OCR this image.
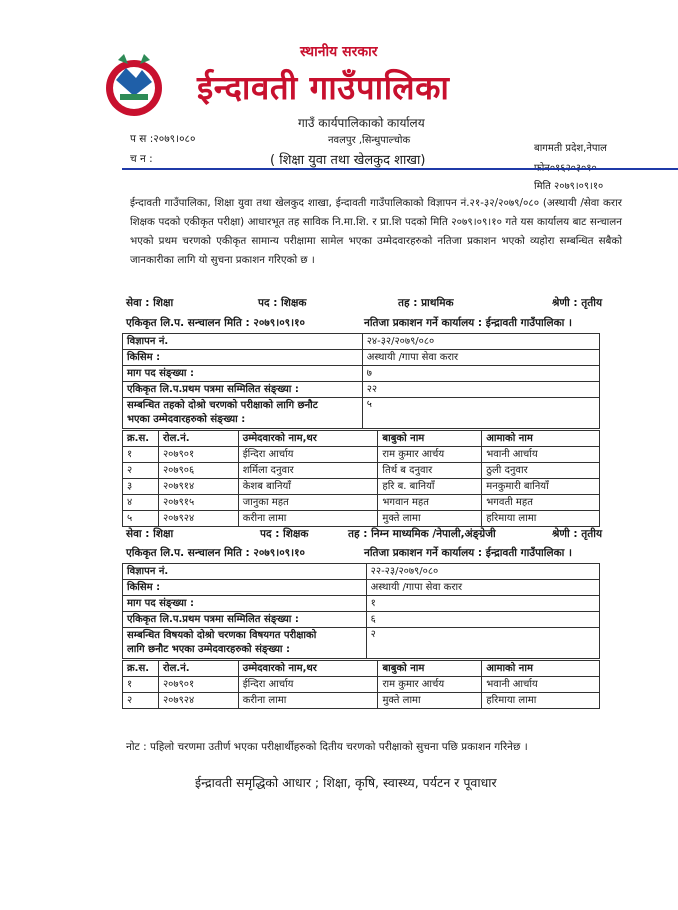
स्थानीय सरकार
ईन्दावती गाउँपालिका
गाउँ कार्यपालिकाको कार्यालय
नवलपुर ,सिन्धुपाल्चोक
( शिक्षा युवा तथा खेलकुद शाखा)
प स :२०७९।०८०
च न :
बागमती प्रदेश,नेपाल
मिति २०७९।०९।१०
ईन्दावती गाउँपालिका, शिक्षा युवा तथा खेलकुद शाखा, ईन्दावती गाउँपालिकाको विज्ञापन नं.२१-३२/२०७९/०८० (अस्थायी /सेवा करार शिक्षक पदको एकीकृत परीक्षा) आधारभूत तह साविक नि.मा.शि. र प्रा.शि पदको मिति २०७९।०९।१० गते यस कार्यालय बाट सन्चालन भएको प्रथम चरणको एकीकृत सामान्य परीक्षामा सामेल भएका उम्मेदवारहरुको नतिजा प्रकाशन भएको व्यहोरा सम्बन्धित सबैको जानकारीका लागि यो सुचना प्रकाशन गरिएको छ ।
सेवा : शिक्षा	पद : शिक्षक	तह : प्राथमिक	श्रेणी : तृतीय
एकिकृत लि.प. सन्चालन मिति : २०७९।०९।१०	नतिजा प्रकाशन गर्ने कार्यालय : ईन्द्रावती गाउँपालिका ।
विज्ञापन नं.	२४-३२/२०७९/०८०
किसिम :	अस्थायी /गापा सेवा करार
माग पद संङ्ख्या :	७
एकिकृत लि.प.प्रथम पत्रमा सम्मिलित संङ्ख्या :	२२

सम्बन्धित तहको दोश्रो चरणको परीक्षाको लागि छनौट
भएका उम्मेदवारहरुको संङ्ख्या :	५
क्र.स.	रोल.नं.	उम्मेदवारको नाम,थर	बाबुको नाम	आमाको नाम
१	२०७९०१	ईन्दिरा आर्चाय	राम कुमार आर्चय	भवानी आर्चाय
२	२०७९०६	शर्मिला दनुवार	तिर्थ ब दनुवार	ठुली दनुवार
३	२०७९१४	केशब बानियाँ	हरि ब. बानियाँ	मनकुमारी बानियाँ
४	२०७९१५	जानुका महत	भगवान महत	भगवती महत
५	२०७९२४	करीना लामा	मुक्ते लामा	हरिमाया लामा
सेवा : शिक्षा	पद : शिक्षक	तह : निम्न माध्यमिक /नेपाली,अंङ्ग्रेजी	श्रेणी : तृतीय
एकिकृत लि.प. सन्चालन मिति : २०७९।०९।१०	नतिजा प्रकाशन गर्ने कार्यालय : ईन्द्रावती गाउँपालिका ।
विज्ञापन नं.	२२-२३/२०७९/०८०
किसिम :	अस्थायी /गापा सेवा करार
माग पद संङ्ख्या :	१
एकिकृत लि.प.प्रथम पत्रमा सम्मिलित संङ्ख्या :	६

सम्बन्धित विषयको दोश्रो चरणका विषयगत परीक्षाको
लागि छनौट भएका उम्मेदवारहरुको संङ्ख्या :	२
क्र.स.	रोल.नं.	उम्मेदवारको नाम,थर	बाबुको नाम	आमाको नाम
१	२०७९०१	ईन्दिरा आर्चाय	राम कुमार आर्चय	भवानी आर्चाय
२	२०७९२४	करीना लामा	मुक्ते लामा	हरिमाया लामा
नोट : पहिलो चरणमा उतीर्ण भएका परीक्षार्थीहरुको दितीय चरणको परीक्षाको सुचना पछि प्रकाशन गरिनेछ ।
ईन्द्रावती समृद्धिको आधार ; शिक्षा, कृषि, स्वास्थ्य, पर्यटन र पूवाधार
